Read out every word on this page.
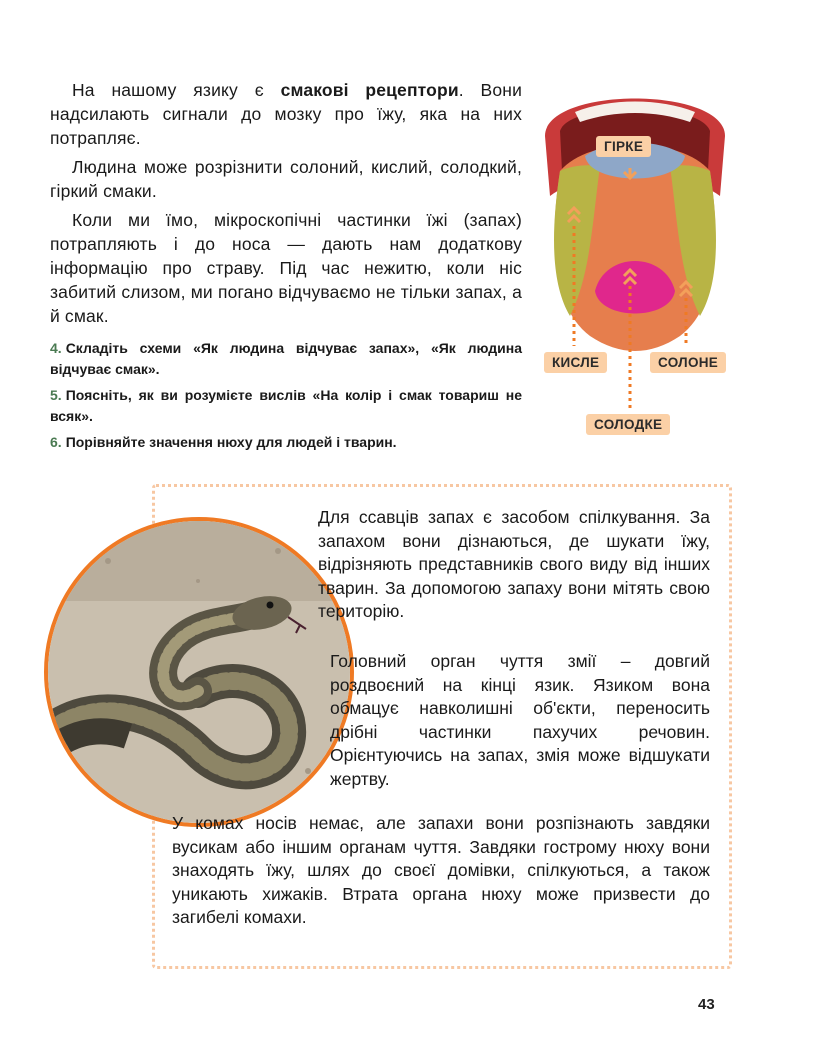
На нашому язику є смакові рецептори. Вони надсилають сигнали до мозку про їжу, яка на них потрапляє.

Людина може розрізнити солоний, кислий, солодкий, гіркий смаки.

Коли ми їмо, мікроскопічні частинки їжі (запах) потрапляють і до носа — дають нам додаткову інформацію про страву. Під час нежитю, коли ніс забитий слизом, ми погано відчуваємо не тільки запах, а й смак.

4. Складіть схеми «Як людина відчуває запах», «Як людина відчуває смак».

5. Поясніть, як ви розумієте вислів «На колір і смак товариш не всяк».

6. Порівняйте значення нюху для людей і тварин.

ГІРКЕ
КИСЛЕ	СОЛОНЕ
СОЛОДКЕ
Для ссавців запах є засобом спілкування. За запахом вони дізнаються, де шукати їжу, відрізняють представників свого виду від інших тварин. За допомогою запаху вони мітять свою територію.
Головний орган чуття змії – довгий роздвоєний на кінці язик. Язиком вона обмацує навколишні об'єкти, переносить дрібні частинки пахучих речовин. Орієнтуючись на запах, змія може відшукати жертву.
У комах носів немає, але запахи вони розпізнають завдяки вусикам або іншим органам чуття. Завдяки гострому нюху вони знаходять їжу, шлях до своєї домівки, спілкуються, а також уникають хижаків. Втрата органа нюху може призвести до загибелі комахи.
43
